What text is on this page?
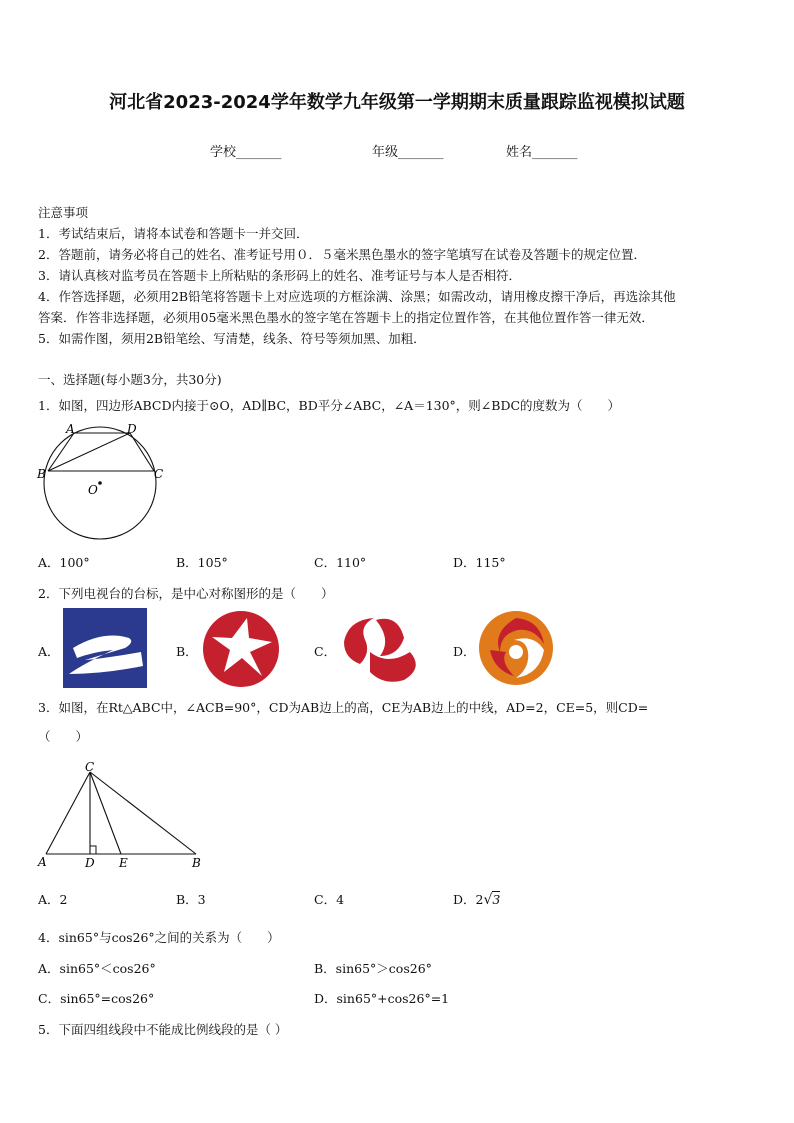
河北省2023-2024学年数学九年级第一学期期末质量跟踪监视模拟试题
学校_______	年级_______	姓名_______
注意事项
1．考试结束后，请将本试卷和答题卡一并交回．
2．答题前，请务必将自己的姓名、准考证号用０．５毫米黑色墨水的签字笔填写在试卷及答题卡的规定位置．
3．请认真核对监考员在答题卡上所粘贴的条形码上的姓名、准考证号与本人是否相符．
4．作答选择题，必须用2B铅笔将答题卡上对应选项的方框涂满、涂黑；如需改动，请用橡皮擦干净后，再选涂其他
答案．作答非选择题，必须用05毫米黑色墨水的签字笔在答题卡上的指定位置作答，在其他位置作答一律无效．
5．如需作图，须用2B铅笔绘、写清楚，线条、符号等须加黑、加粗．
一、选择题(每小题3分，共30分)
1．如图，四边形ABCD内接于⊙O，AD∥BC，BD平分∠ABC，∠A＝130°，则∠BDC的度数为（　　）
A	D
B	C
O
A．100°	B．105°	C．110°	D．115°
2．下列电视台的台标，是中心对称图形的是（　　）
A．	B．	C．	D．
3．如图，在Rt△ABC中，∠ACB=90°，CD为AB边上的高，CE为AB边上的中线，AD=2，CE=5，则CD=
（　　）
C
A	D E	B
A．2	B．3	C．4	D．2√3
4．sin65°与cos26°之间的关系为（　　）
A．sin65°＜cos26°	B．sin65°＞cos26°
C．sin65°=cos26°	D．sin65°+cos26°=1
5．下面四组线段中不能成比例线段的是（ ）
